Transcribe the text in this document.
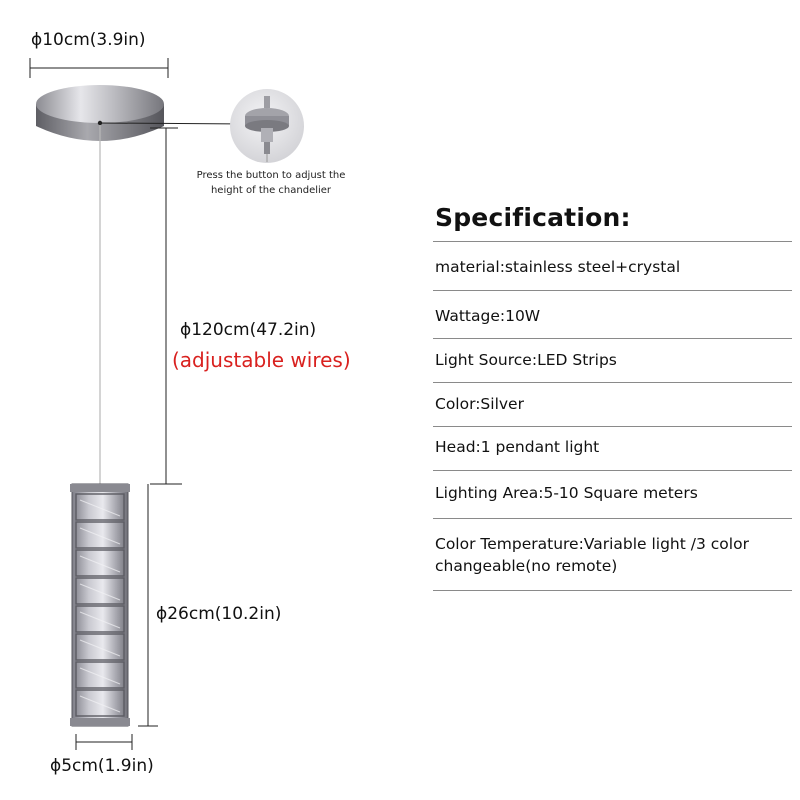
ϕ10cm(3.9in)
Press the button to adjust the
height of the chandelier
ϕ120cm(47.2in)
(adjustable wires)
ϕ26cm(10.2in)
ϕ5cm(1.9in)
Specification:
material:stainless steel+crystal
Wattage:10W
Light Source:LED Strips
Color:Silver
Head:1 pendant light
Lighting Area:5-10 Square meters
Color Temperature:Variable light /3 color changeable(no remote)
